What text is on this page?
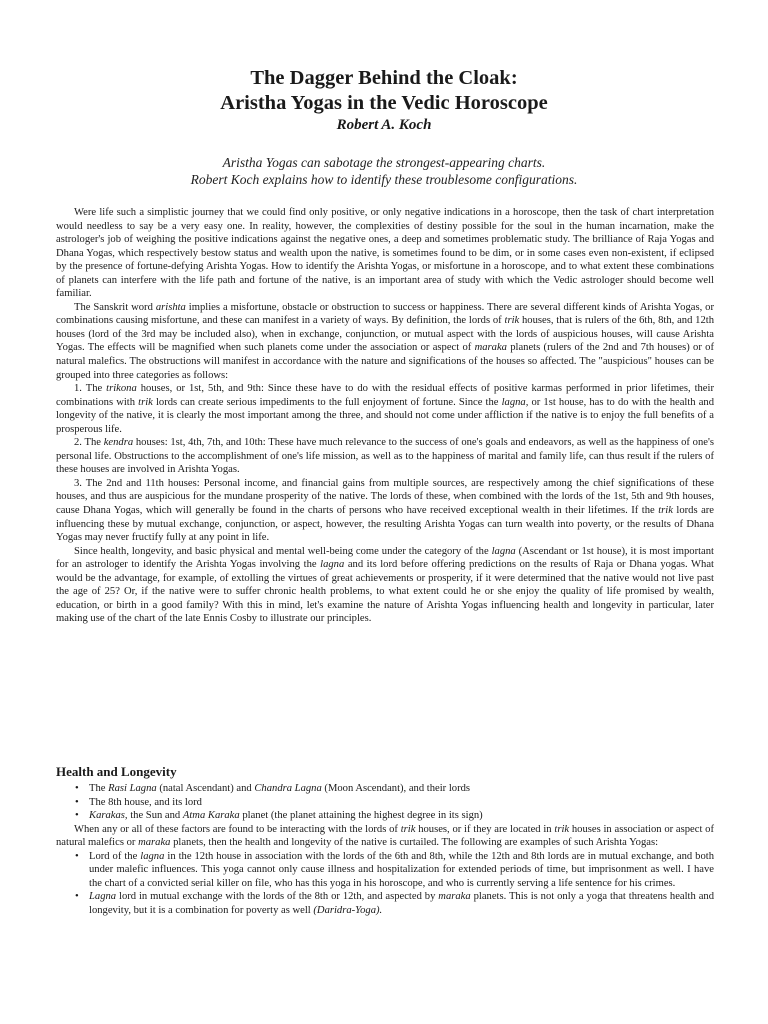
The Dagger Behind the Cloak:
Aristha Yogas in the Vedic Horoscope
Robert A. Koch
Aristha Yogas can sabotage the strongest-appearing charts.
Robert Koch explains how to identify these troublesome configurations.

Were life such a simplistic journey that we could find only positive, or only negative indications in a horoscope, then the task of chart interpretation would needless to say be a very easy one. In reality, however, the complexities of destiny possible for the soul in the human incarnation, make the astrologer's job of weighing the positive indications against the negative ones, a deep and sometimes problematic study. The brilliance of Raja Yogas and Dhana Yogas, which respectively bestow status and wealth upon the native, is sometimes found to be dim, or in some cases even non-existent, if eclipsed by the presence of fortune-defying Arishta Yogas. How to identify the Arishta Yogas, or misfortune in a horoscope, and to what extent these combinations of planets can interfere with the life path and fortune of the native, is an important area of study with which the Vedic astrologer should become well familiar.

The Sanskrit word arishta implies a misfortune, obstacle or obstruction to success or happiness. There are several different kinds of Arishta Yogas, or combinations causing misfortune, and these can manifest in a variety of ways. By definition, the lords of trik houses, that is rulers of the 6th, 8th, and 12th houses (lord of the 3rd may be included also), when in exchange, conjunction, or mutual aspect with the lords of auspicious houses, will cause Arishta Yogas. The effects will be magnified when such planets come under the association or aspect of maraka planets (rulers of the 2nd and 7th houses) or of natural malefics. The obstructions will manifest in accordance with the nature and significations of the houses so affected. The "auspicious" houses can be grouped into three categories as follows:

1. The trikona houses, or 1st, 5th, and 9th: Since these have to do with the residual effects of positive karmas performed in prior lifetimes, their combinations with trik lords can create serious impediments to the full enjoyment of fortune. Since the lagna, or 1st house, has to do with the health and longevity of the native, it is clearly the most important among the three, and should not come under affliction if the native is to enjoy the full benefits of a prosperous life.

2. The kendra houses: 1st, 4th, 7th, and 10th: These have much relevance to the success of one's goals and endeavors, as well as the happiness of one's personal life. Obstructions to the accomplishment of one's life mission, as well as to the happiness of marital and family life, can thus result if the rulers of these houses are involved in Arishta Yogas.

3. The 2nd and 11th houses: Personal income, and financial gains from multiple sources, are respectively among the chief significations of these houses, and thus are auspicious for the mundane prosperity of the native. The lords of these, when combined with the lords of the 1st, 5th and 9th houses, cause Dhana Yogas, which will generally be found in the charts of persons who have received exceptional wealth in their lifetimes. If the trik lords are influencing these by mutual exchange, conjunction, or aspect, however, the resulting Arishta Yogas can turn wealth into poverty, or the results of Dhana Yogas may never fructify fully at any point in life.

Since health, longevity, and basic physical and mental well-being come under the category of the lagna (Ascendant or 1st house), it is most important for an astrologer to identify the Arishta Yogas involving the lagna and its lord before offering predictions on the results of Raja or Dhana yogas. What would be the advantage, for example, of extolling the virtues of great achievements or prosperity, if it were determined that the native would not live past the age of 25? Or, if the native were to suffer chronic health problems, to what extent could he or she enjoy the quality of life promised by wealth, education, or birth in a good family? With this in mind, let's examine the nature of Arishta Yogas influencing health and longevity in particular, later making use of the chart of the late Ennis Cosby to illustrate our principles.

Health and Longevity
• The Rasi Lagna (natal Ascendant) and Chandra Lagna (Moon Ascendant), and their lords
• The 8th house, and its lord
• Karakas, the Sun and Atma Karaka planet (the planet attaining the highest degree in its sign)

When any or all of these factors are found to be interacting with the lords of trik houses, or if they are located in trik houses in association or aspect of natural malefics or maraka planets, then the health and longevity of the native is curtailed. The following are examples of such Arishta Yogas:

• Lord of the lagna in the 12th house in association with the lords of the 6th and 8th, while the 12th and 8th lords are in mutual exchange, and both under malefic influences. This yoga cannot only cause illness and hospitalization for extended periods of time, but imprisonment as well. I have the chart of a convicted serial killer on file, who has this yoga in his horoscope, and who is currently serving a life sentence for his crimes.
• Lagna lord in mutual exchange with the lords of the 8th or 12th, and aspected by maraka planets. This is not only a yoga that threatens health and longevity, but it is a combination for poverty as well (Daridra-Yoga).
